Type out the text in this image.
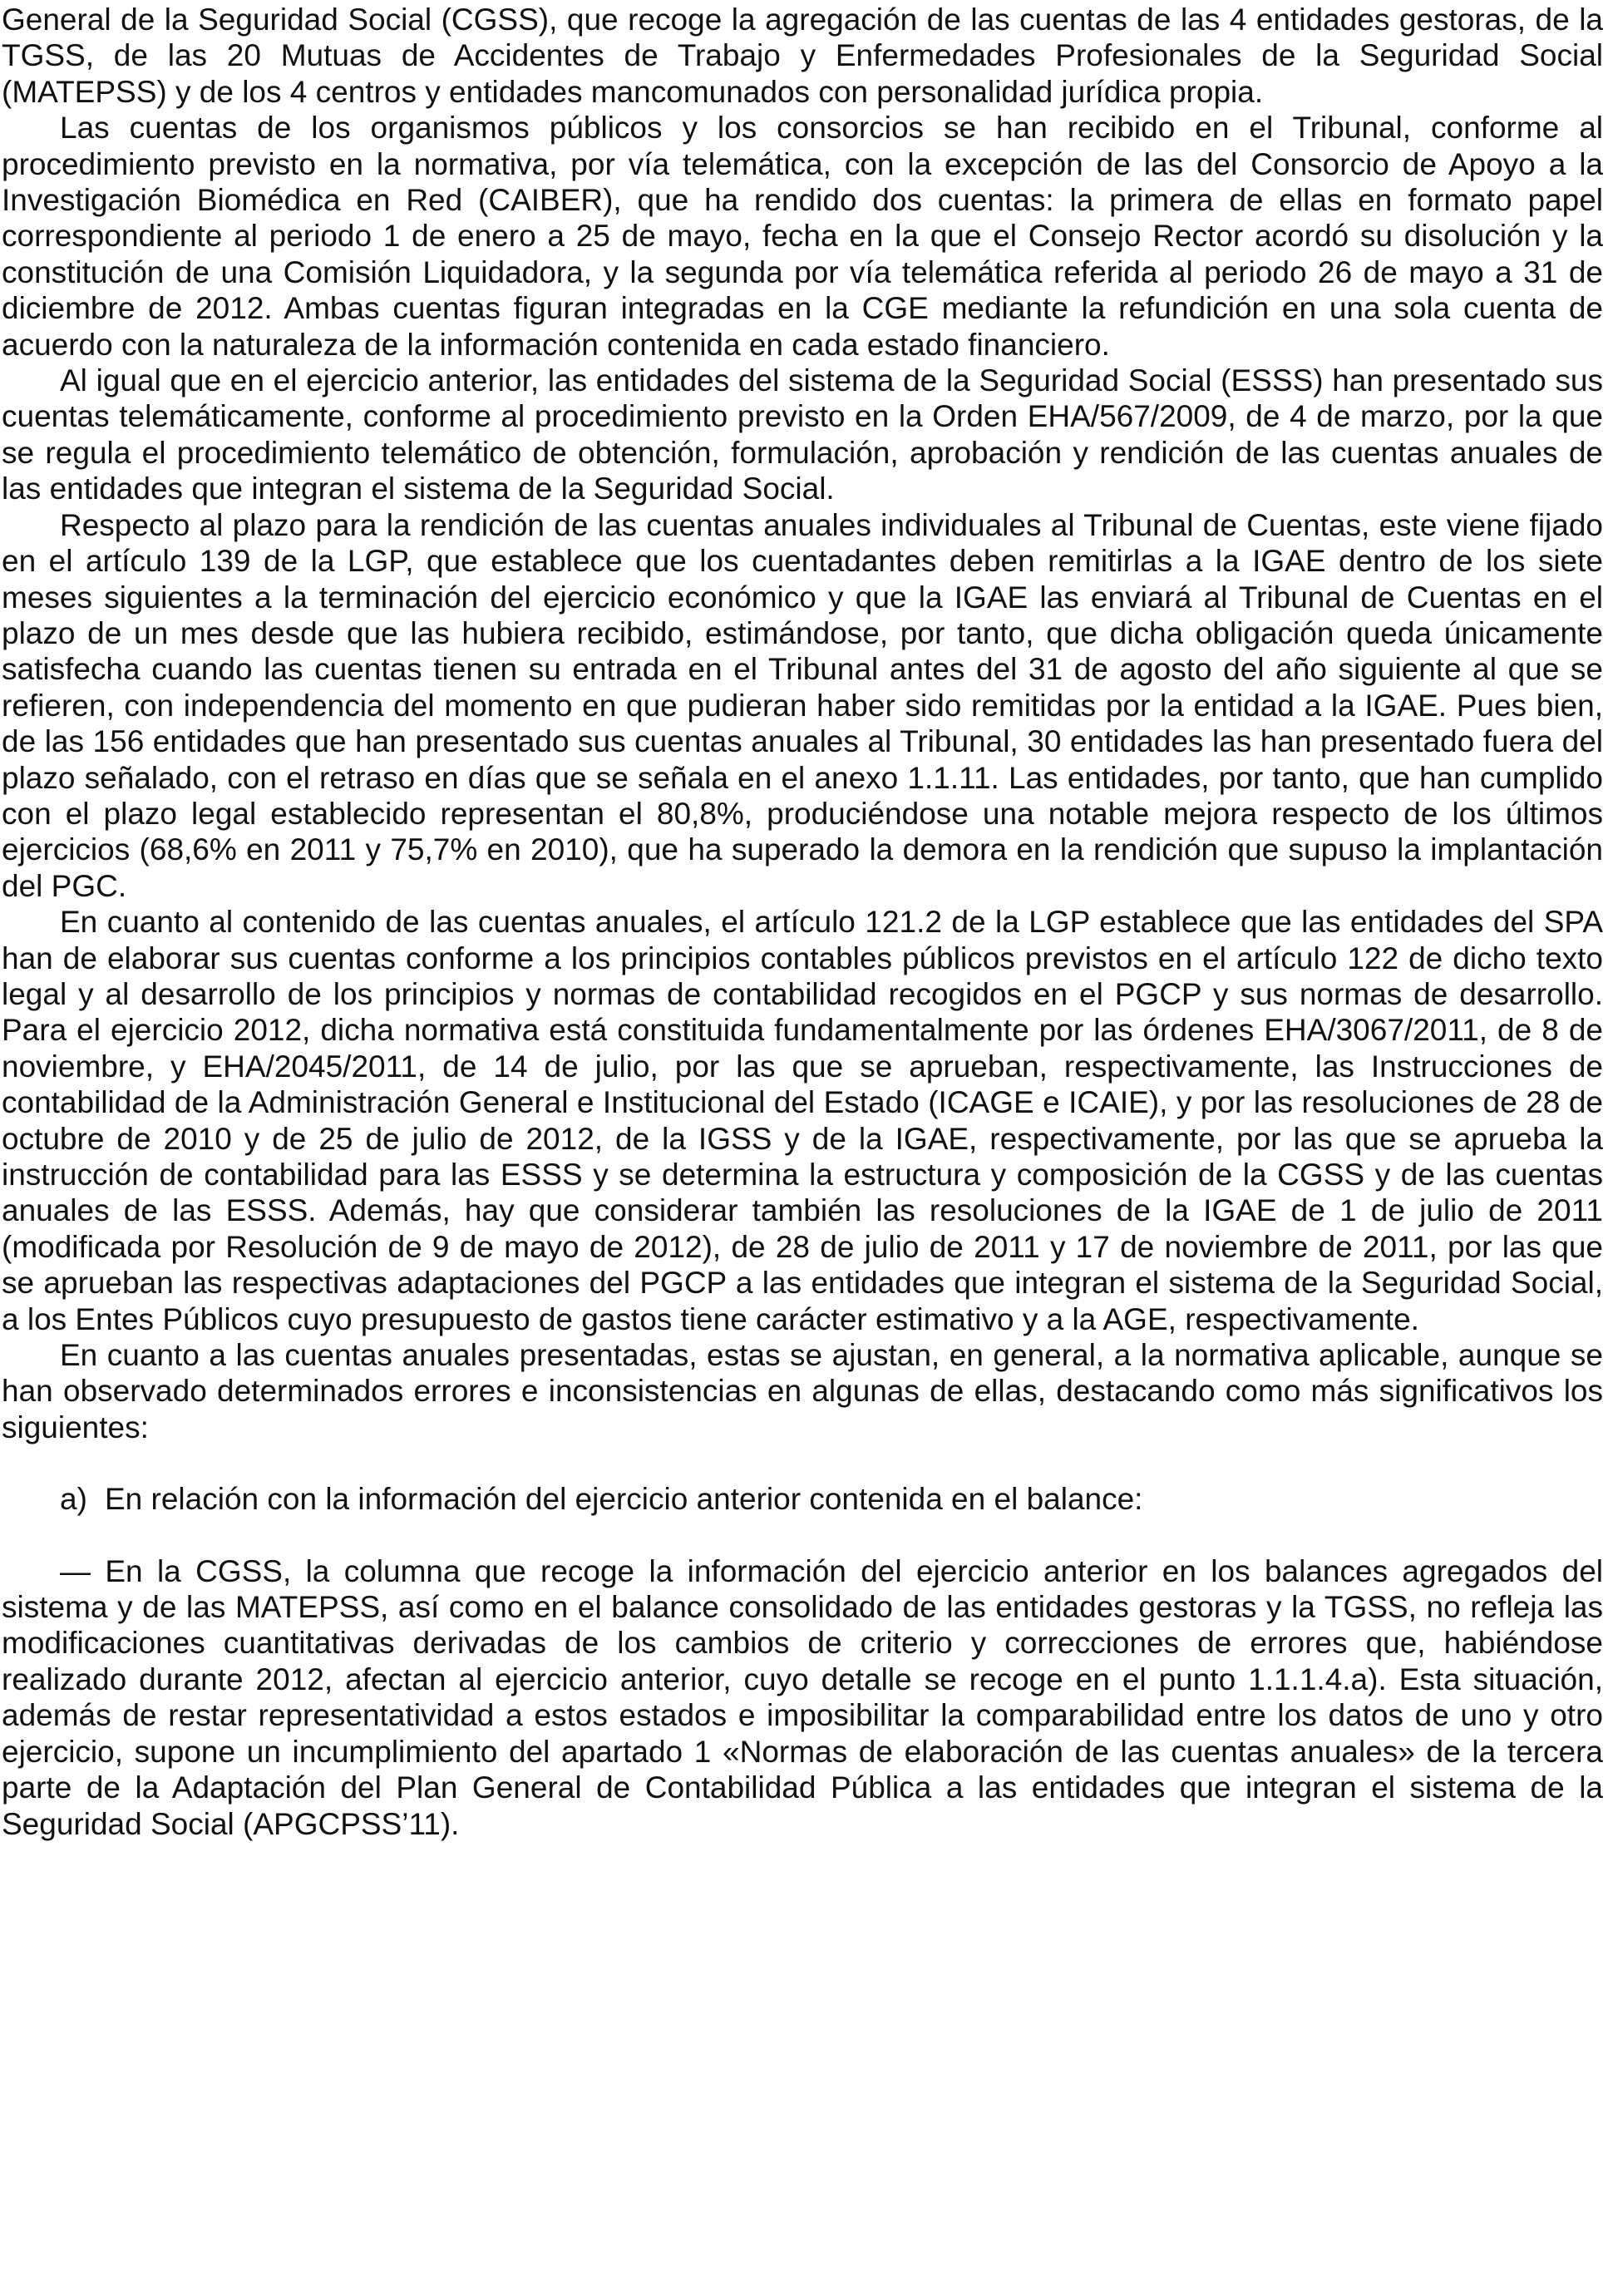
General de la Seguridad Social (CGSS), que recoge la agregación de las cuentas de las 4 entidades gestoras, de la TGSS, de las 20 Mutuas de Accidentes de Trabajo y Enfermedades Profesionales de la Seguridad Social (MATEPSS) y de los 4 centros y entidades mancomunados con personalidad jurídica propia.

Las cuentas de los organismos públicos y los consorcios se han recibido en el Tribunal, conforme al procedimiento previsto en la normativa, por vía telemática, con la excepción de las del Consorcio de Apoyo a la Investigación Biomédica en Red (CAIBER), que ha rendido dos cuentas: la primera de ellas en formato papel correspondiente al periodo 1 de enero a 25 de mayo, fecha en la que el Consejo Rector acordó su disolución y la constitución de una Comisión Liquidadora, y la segunda por vía telemática referida al periodo 26 de mayo a 31 de diciembre de 2012. Ambas cuentas figuran integradas en la CGE mediante la refundición en una sola cuenta de acuerdo con la naturaleza de la información contenida en cada estado financiero.

Al igual que en el ejercicio anterior, las entidades del sistema de la Seguridad Social (ESSS) han presentado sus cuentas telemáticamente, conforme al procedimiento previsto en la Orden EHA/567/2009, de 4 de marzo, por la que se regula el procedimiento telemático de obtención, formulación, aprobación y rendición de las cuentas anuales de las entidades que integran el sistema de la Seguridad Social.

Respecto al plazo para la rendición de las cuentas anuales individuales al Tribunal de Cuentas, este viene fijado en el artículo 139 de la LGP, que establece que los cuentadantes deben remitirlas a la IGAE dentro de los siete meses siguientes a la terminación del ejercicio económico y que la IGAE las enviará al Tribunal de Cuentas en el plazo de un mes desde que las hubiera recibido, estimándose, por tanto, que dicha obligación queda únicamente satisfecha cuando las cuentas tienen su entrada en el Tribunal antes del 31 de agosto del año siguiente al que se refieren, con independencia del momento en que pudieran haber sido remitidas por la entidad a la IGAE. Pues bien, de las 156 entidades que han presentado sus cuentas anuales al Tribunal, 30 entidades las han presentado fuera del plazo señalado, con el retraso en días que se señala en el anexo 1.1.11. Las entidades, por tanto, que han cumplido con el plazo legal establecido representan el 80,8%, produciéndose una notable mejora respecto de los últimos ejercicios (68,6% en 2011 y 75,7% en 2010), que ha superado la demora en la rendición que supuso la implantación del PGC.

En cuanto al contenido de las cuentas anuales, el artículo 121.2 de la LGP establece que las entidades del SPA han de elaborar sus cuentas conforme a los principios contables públicos previstos en el artículo 122 de dicho texto legal y al desarrollo de los principios y normas de contabilidad recogidos en el PGCP y sus normas de desarrollo. Para el ejercicio 2012, dicha normativa está constituida fundamentalmente por las órdenes EHA/3067/2011, de 8 de noviembre, y EHA/2045/2011, de 14 de julio, por las que se aprueban, respectivamente, las Instrucciones de contabilidad de la Administración General e Institucional del Estado (ICAGE e ICAIE), y por las resoluciones de 28 de octubre de 2010 y de 25 de julio de 2012, de la IGSS y de la IGAE, respectivamente, por las que se aprueba la instrucción de contabilidad para las ESSS y se determina la estructura y composición de la CGSS y de las cuentas anuales de las ESSS. Además, hay que considerar también las resoluciones de la IGAE de 1 de julio de 2011 (modificada por Resolución de 9 de mayo de 2012), de 28 de julio de 2011 y 17 de noviembre de 2011, por las que se aprueban las respectivas adaptaciones del PGCP a las entidades que integran el sistema de la Seguridad Social, a los Entes Públicos cuyo presupuesto de gastos tiene carácter estimativo y a la AGE, respectivamente.

En cuanto a las cuentas anuales presentadas, estas se ajustan, en general, a la normativa aplicable, aunque se han observado determinados errores e inconsistencias en algunas de ellas, destacando como más significativos los siguientes:

a) En relación con la información del ejercicio anterior contenida en el balance:

— En la CGSS, la columna que recoge la información del ejercicio anterior en los balances agregados del sistema y de las MATEPSS, así como en el balance consolidado de las entidades gestoras y la TGSS, no refleja las modificaciones cuantitativas derivadas de los cambios de criterio y correcciones de errores que, habiéndose realizado durante 2012, afectan al ejercicio anterior, cuyo detalle se recoge en el punto 1.1.1.4.a). Esta situación, además de restar representatividad a estos estados e imposibilitar la comparabilidad entre los datos de uno y otro ejercicio, supone un incumplimiento del apartado 1 «Normas de elaboración de las cuentas anuales» de la tercera parte de la Adaptación del Plan General de Contabilidad Pública a las entidades que integran el sistema de la Seguridad Social (APGCPSS’11).
